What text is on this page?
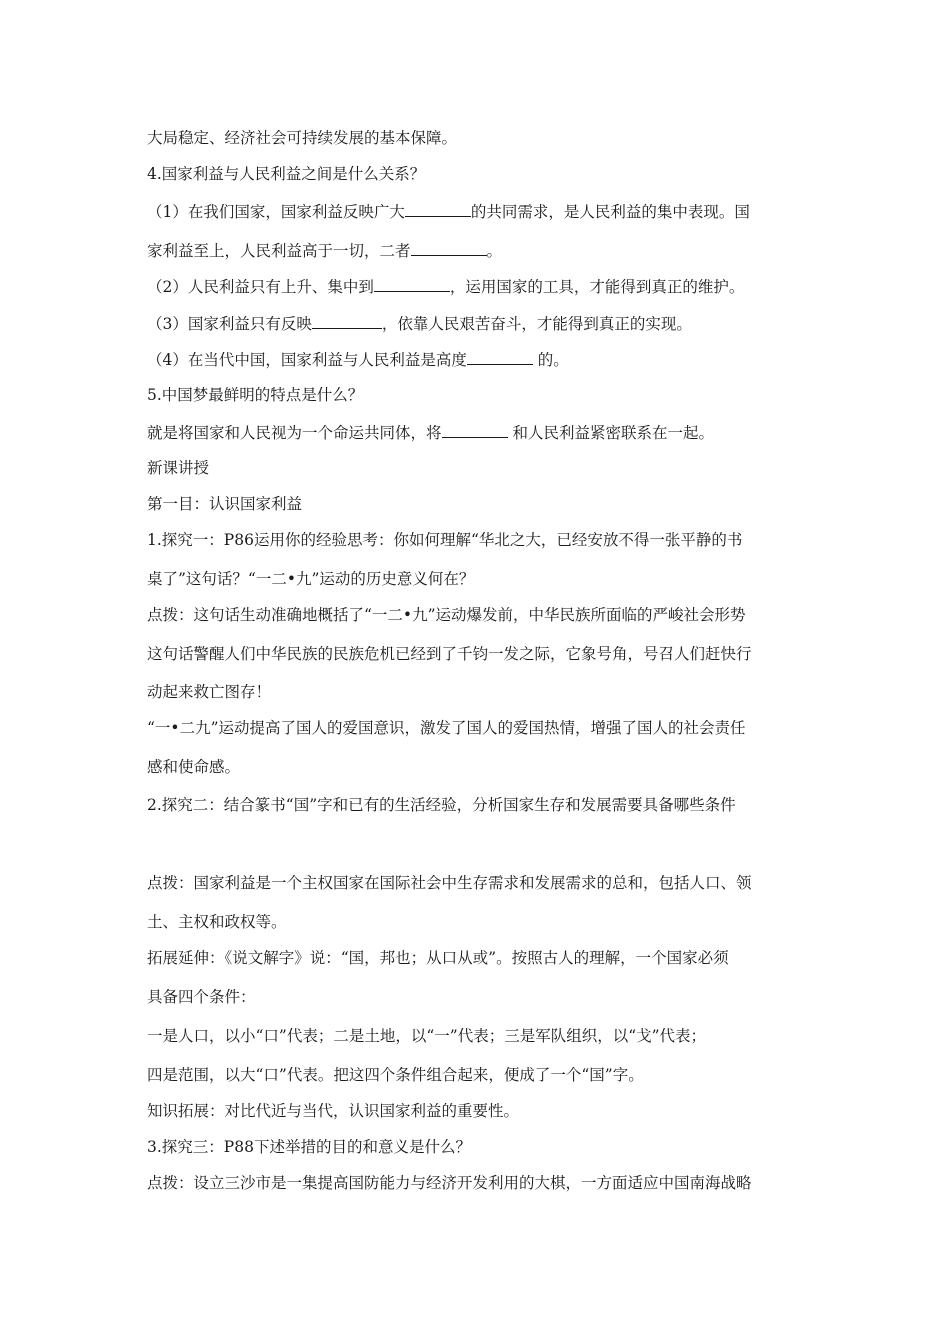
大局稳定、经济社会可持续发展的基本保障。
4.国家利益与人民利益之间是什么关系？
（1）在我们国家，国家利益反映广大	的共同需求，是人民利益的集中表现。国
家利益至上，人民利益高于一切，二者	。
（2）人民利益只有上升、集中到	，运用国家的工具，才能得到真正的维护。
（3）国家利益只有反映	，依靠人民艰苦奋斗，才能得到真正的实现。
（4）在当代中国，国家利益与人民利益是高度	的。
5.中国梦最鲜明的特点是什么？
就是将国家和人民视为一个命运共同体，将	和人民利益紧密联系在一起。
新课讲授
第一目：认识国家利益
1.探究一：P86运用你的经验思考：你如何理解“华北之大，已经安放不得一张平静的书
桌了”这句话？“一二•九”运动的历史意义何在？
点拨：这句话生动准确地概括了“一二•九”运动爆发前，中华民族所面临的严峻社会形势
这句话警醒人们中华民族的民族危机已经到了千钧一发之际，它象号角，号召人们赶快行
动起来救亡图存！
“一•二九”运动提高了国人的爱国意识，激发了国人的爱国热情，增强了国人的社会责任
感和使命感。
2.探究二：结合篆书“国”字和已有的生活经验，分析国家生存和发展需要具备哪些条件
点拨：国家利益是一个主权国家在国际社会中生存需求和发展需求的总和，包括人口、领
土、主权和政权等。
拓展延伸：《说文解字》说：“国，邦也；从口从或”。按照古人的理解，一个国家必须
具备四个条件：
一是人口，以小“口”代表；二是土地，以“一”代表；三是军队组织，以“戈”代表；
四是范围，以大“口”代表。把这四个条件组合起来，便成了一个“国”字。
知识拓展：对比代近与当代，认识国家利益的重要性。
3.探究三：P88下述举措的目的和意义是什么？
点拨：设立三沙市是一集提高国防能力与经济开发利用的大棋，一方面适应中国南海战略
